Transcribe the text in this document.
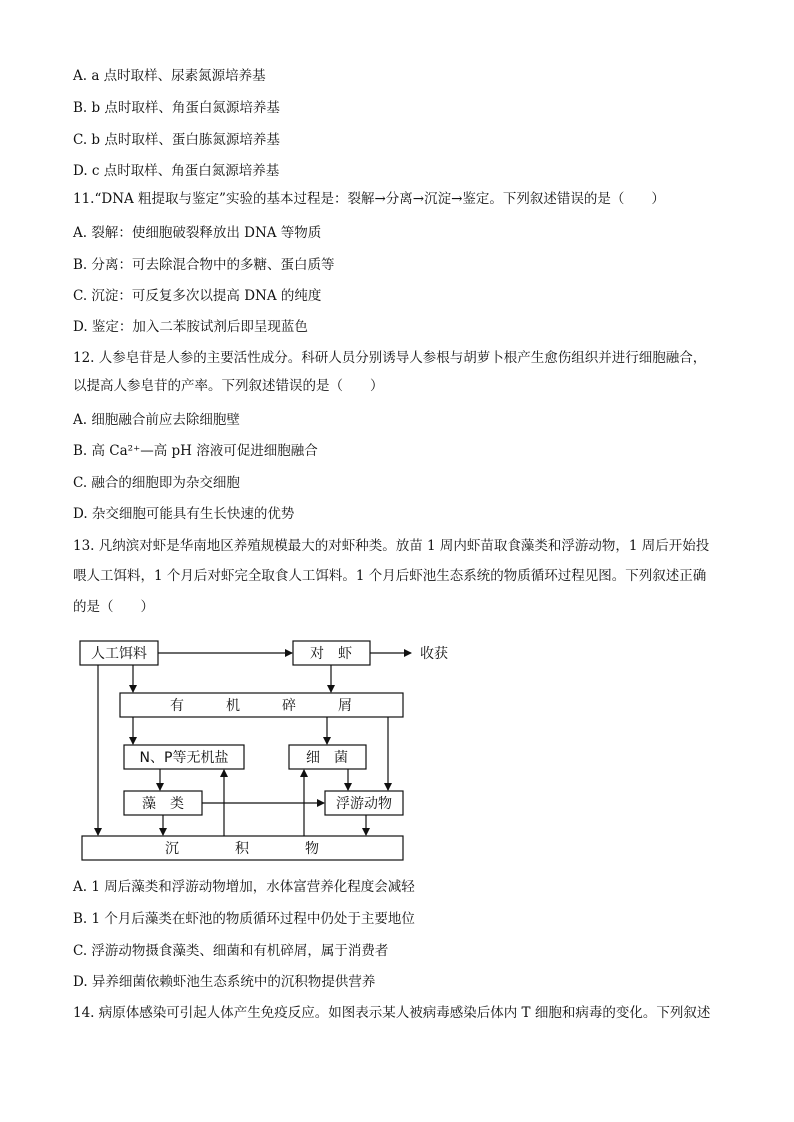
A. a 点时取样、尿素氮源培养基
B. b 点时取样、角蛋白氮源培养基
C. b 点时取样、蛋白胨氮源培养基
D. c 点时取样、角蛋白氮源培养基
11.“DNA 粗提取与鉴定”实验的基本过程是：裂解→分离→沉淀→鉴定。下列叙述错误的是（　　）
A. 裂解：使细胞破裂释放出 DNA 等物质
B. 分离：可去除混合物中的多糖、蛋白质等
C. 沉淀：可反复多次以提高 DNA 的纯度
D. 鉴定：加入二苯胺试剂后即呈现蓝色
12. 人参皂苷是人参的主要活性成分。科研人员分别诱导人参根与胡萝卜根产生愈伤组织并进行细胞融合，
以提高人参皂苷的产率。下列叙述错误的是（　　）
A. 细胞融合前应去除细胞壁
B. 高 Ca²⁺—高 pH 溶液可促进细胞融合
C. 融合的细胞即为杂交细胞
D. 杂交细胞可能具有生长快速的优势
13. 凡纳滨对虾是华南地区养殖规模最大的对虾种类。放苗 1 周内虾苗取食藻类和浮游动物，1 周后开始投
喂人工饵料，1 个月后对虾完全取食人工饵料。1 个月后虾池生态系统的物质循环过程见图。下列叙述正确
的是（　　）
人工饵料	对　虾	收获
有　　　机　　　碎　　　屑
N、P等无机盐	细　菌
藻　类	浮游动物
沉　　　　积　　　　物
A. 1 周后藻类和浮游动物增加，水体富营养化程度会减轻
B. 1 个月后藻类在虾池的物质循环过程中仍处于主要地位
C. 浮游动物摄食藻类、细菌和有机碎屑，属于消费者
D. 异养细菌依赖虾池生态系统中的沉积物提供营养
14. 病原体感染可引起人体产生免疫反应。如图表示某人被病毒感染后体内 T 细胞和病毒的变化。下列叙述
